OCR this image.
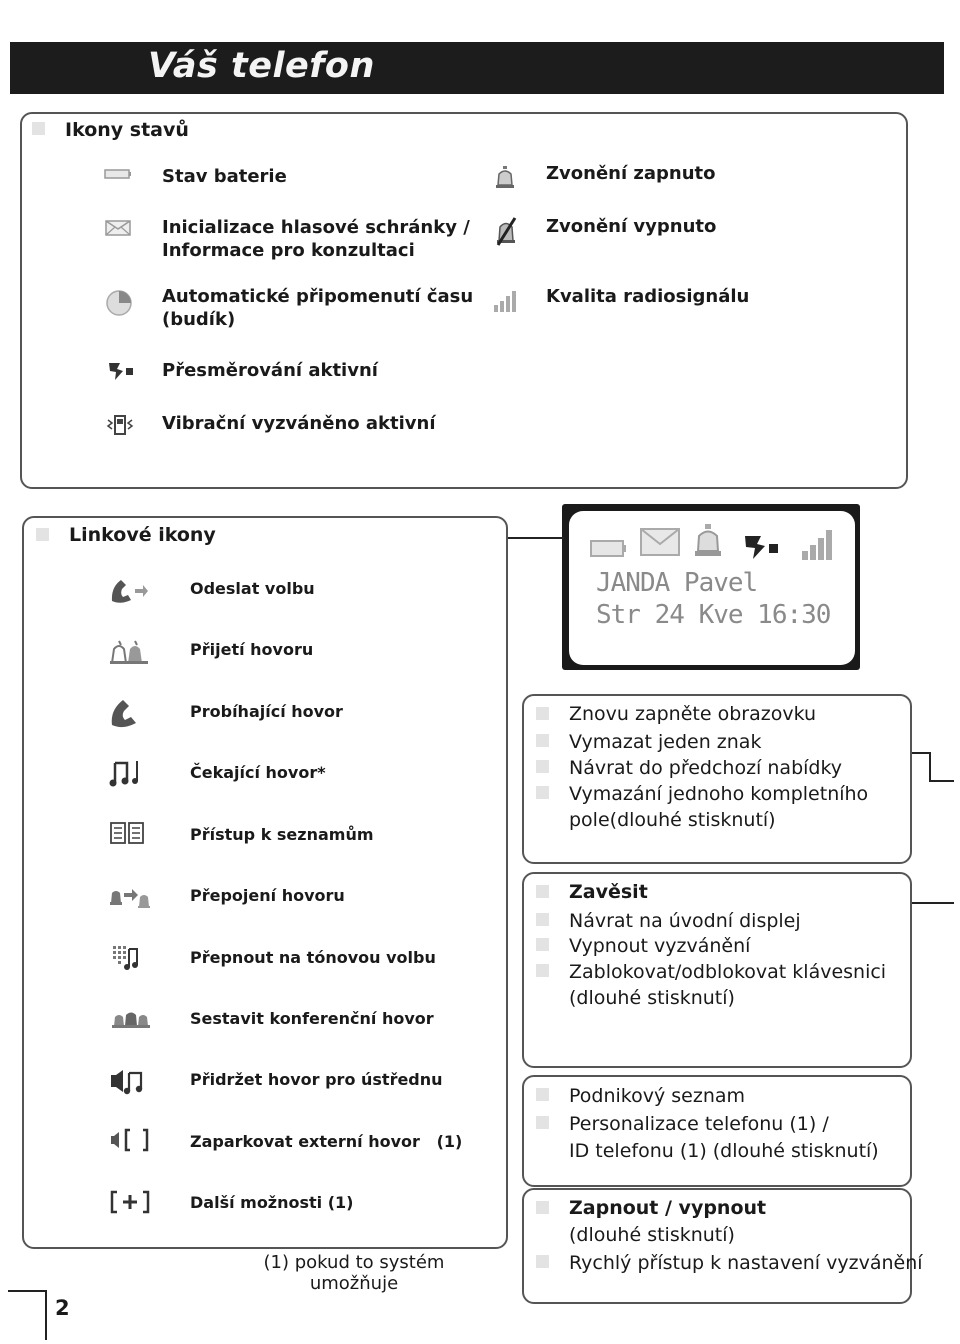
Váš telefon
Ikony stavů
Stav baterie
Inicializace hlasové schránky /
Informace pro konzultaci
Automatické připomenutí času
(budík)
Přesměrování aktivní
Vibrační vyzváněno aktivní
Zvonění zapnuto
Zvonění vypnuto
Kvalita radiosignálu
Linkové ikony
Odeslat volbu
Přijetí hovoru
Probíhající hovor
Čekající hovor*
Přístup k seznamům
Přepojení hovoru
Přepnout na tónovou volbu
Sestavit konferenční hovor
Přidržet hovor pro ústřednu
Zaparkovat externí hovor   (1)
Další možnosti (1)
JANDA Pavel
Str 24 Kve 16:30
Znovu zapněte obrazovku
Vymazat jeden znak
Návrat do předchozí nabídky
Vymazání jednoho kompletního
pole(dlouhé stisknutí)
Zavěsit
Návrat na úvodní displej
Vypnout vyzvánění
Zablokovat/odblokovat klávesnici
(dlouhé stisknutí)
Podnikový seznam
Personalizace telefonu (1) /
ID telefonu (1) (dlouhé stisknutí)
Zapnout / vypnout
(dlouhé stisknutí)
Rychlý přístup k nastavení vyzvánění
(1) pokud to systém
umožňuje
2
